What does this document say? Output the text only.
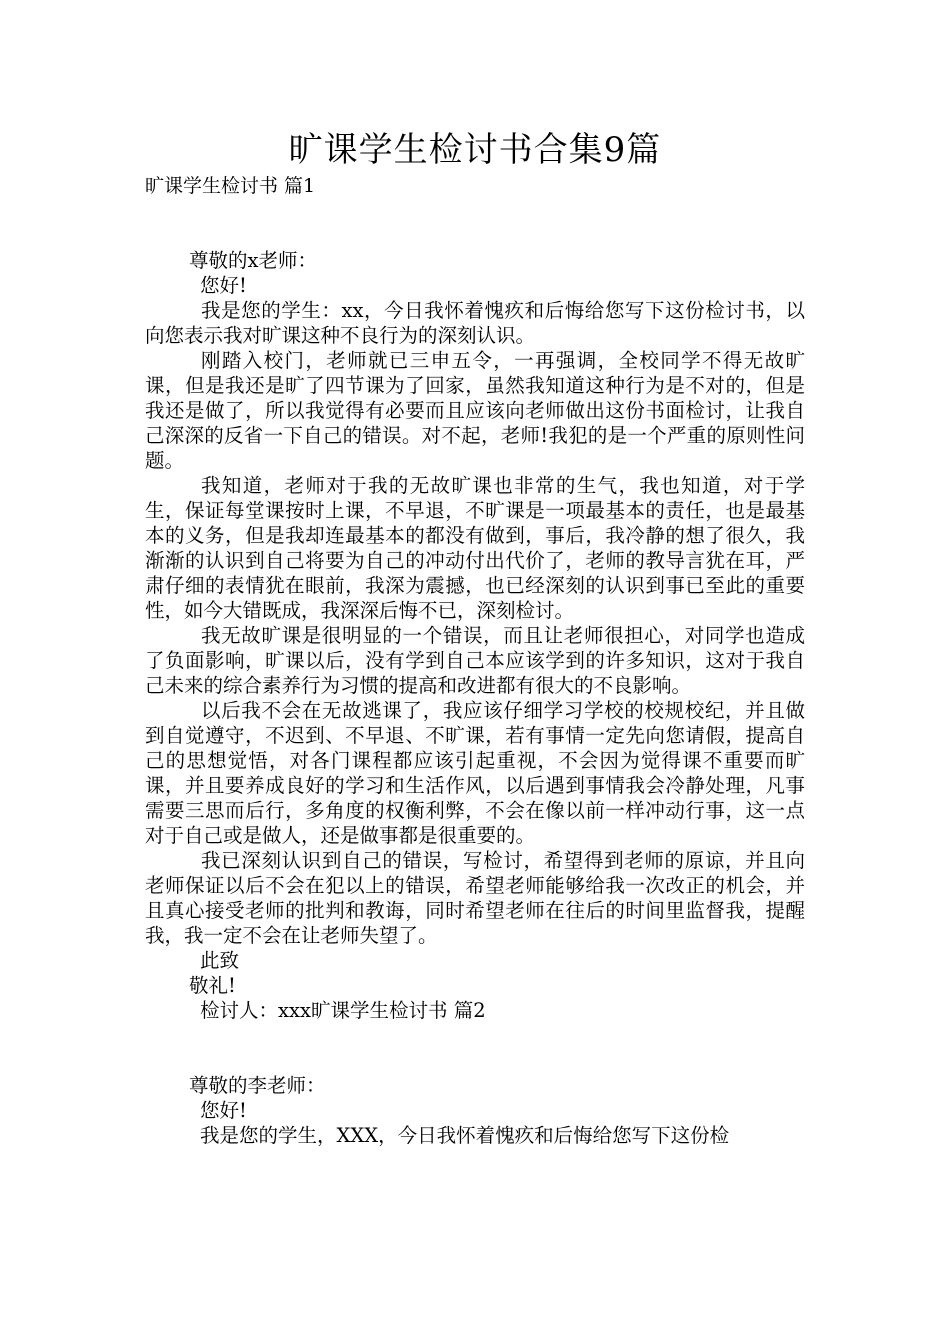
旷课学生检讨书合集9篇
旷课学生检讨书 篇1

尊敬的x老师：

您好!

我是您的学生：xx，今日我怀着愧疚和后悔给您写下这份检讨书，以向您表示我对旷课这种不良行为的深刻认识。

刚踏入校门，老师就已三申五令，一再强调，全校同学不得无故旷课，但是我还是旷了四节课为了回家，虽然我知道这种行为是不对的，但是我还是做了，所以我觉得有必要而且应该向老师做出这份书面检讨，让我自己深深的反省一下自己的错误。对不起，老师!我犯的是一个严重的原则性问题。

我知道，老师对于我的无故旷课也非常的生气，我也知道，对于学生，保证每堂课按时上课，不早退，不旷课是一项最基本的责任，也是最基本的义务，但是我却连最基本的都没有做到，事后，我冷静的想了很久，我渐渐的认识到自己将要为自己的冲动付出代价了，老师的教导言犹在耳，严肃仔细的表情犹在眼前，我深为震撼，也已经深刻的认识到事已至此的重要性，如今大错既成，我深深后悔不已，深刻检讨。

我无故旷课是很明显的一个错误，而且让老师很担心，对同学也造成了负面影响，旷课以后，没有学到自己本应该学到的许多知识，这对于我自己未来的综合素养行为习惯的提高和改进都有很大的不良影响。

以后我不会在无故逃课了，我应该仔细学习学校的校规校纪，并且做到自觉遵守，不迟到、不早退、不旷课，若有事情一定先向您请假，提高自己的思想觉悟，对各门课程都应该引起重视，不会因为觉得课不重要而旷课，并且要养成良好的学习和生活作风，以后遇到事情我会冷静处理，凡事需要三思而后行，多角度的权衡利弊，不会在像以前一样冲动行事，这一点对于自己或是做人，还是做事都是很重要的。

我已深刻认识到自己的错误，写检讨，希望得到老师的原谅，并且向老师保证以后不会在犯以上的错误，希望老师能够给我一次改正的机会，并且真心接受老师的批判和教诲，同时希望老师在往后的时间里监督我，提醒我，我一定不会在让老师失望了。

此致

敬礼!

检讨人：xxx旷课学生检讨书 篇2

尊敬的李老师：

您好!

我是您的学生，XXX，今日我怀着愧疚和后悔给您写下这份检
